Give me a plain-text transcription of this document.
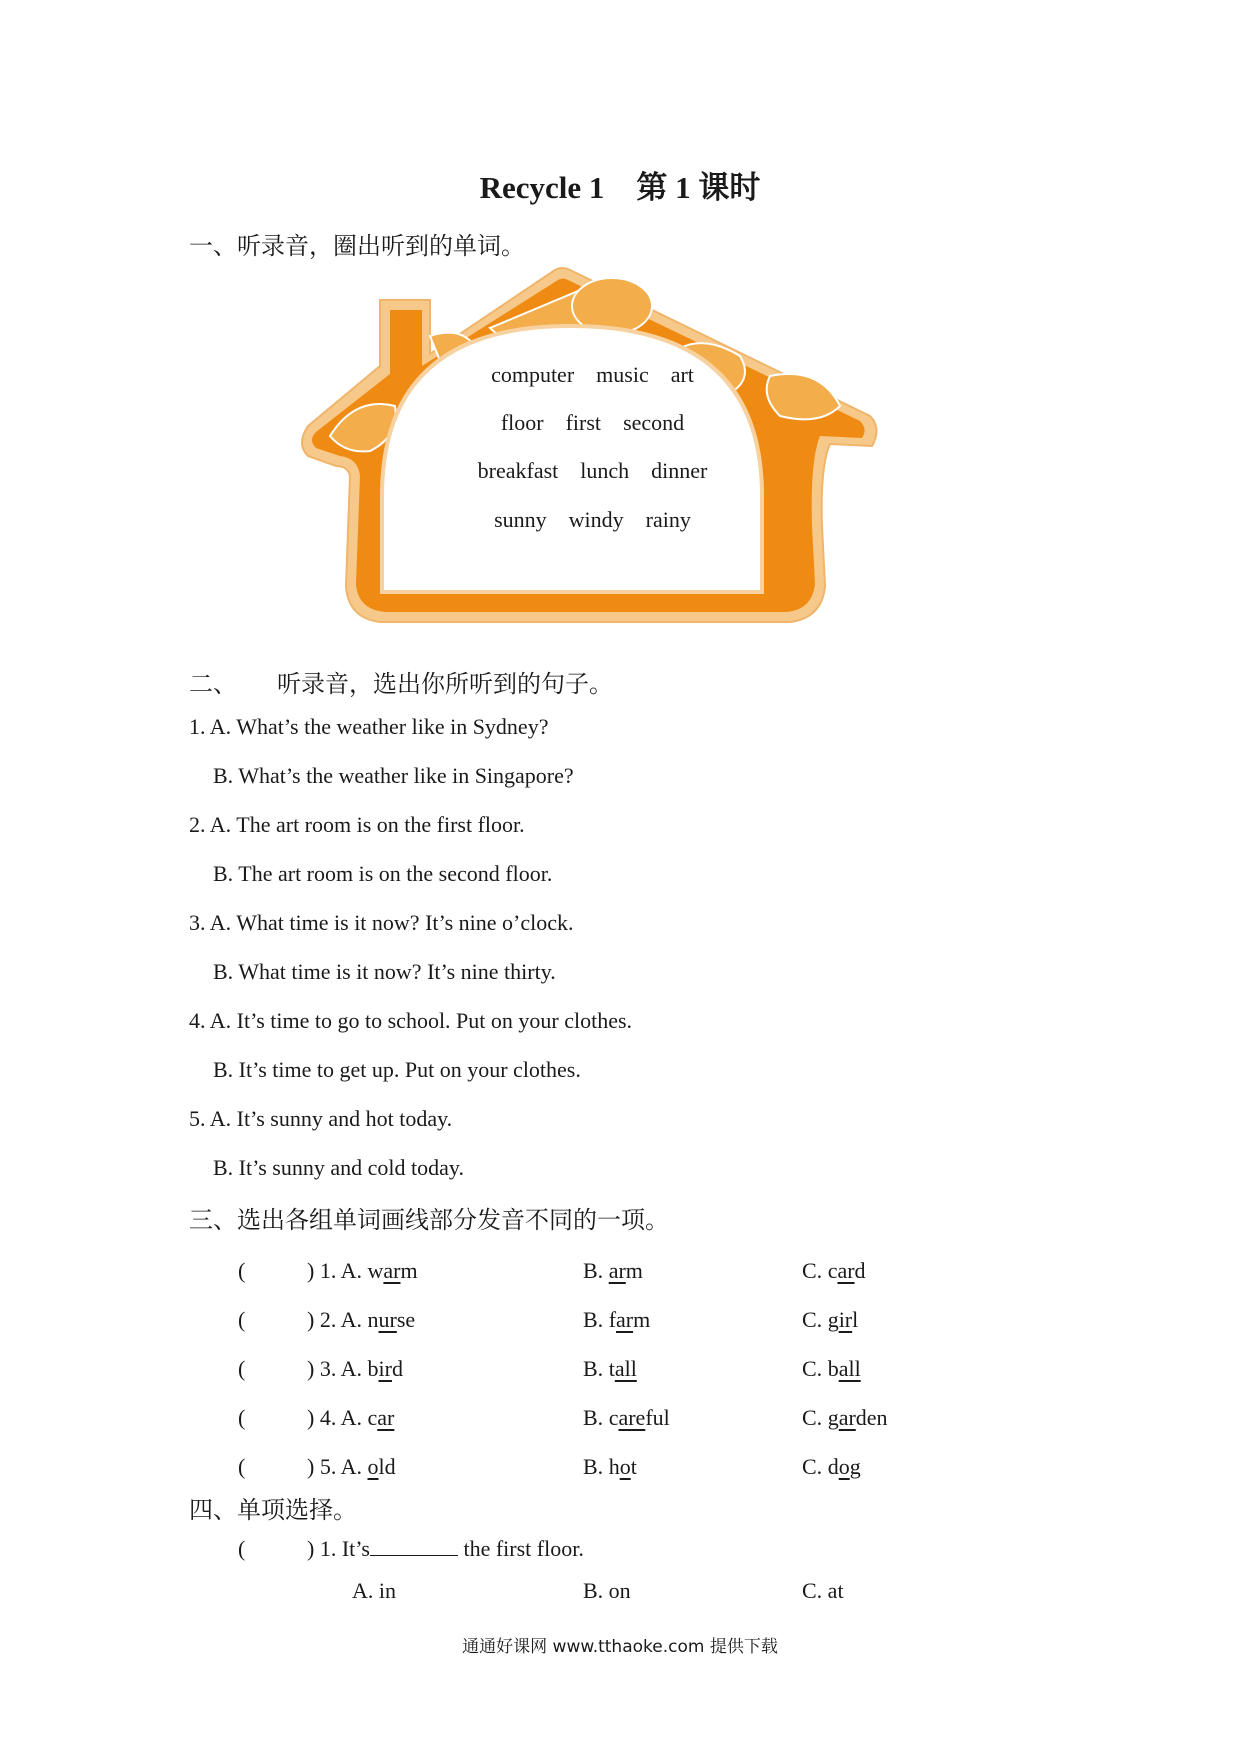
Recycle 1 第 1 课时
一、听录音，圈出听到的单词。
computer music art
floor first second
breakfast lunch dinner
sunny windy rainy
二、 听录音，选出你所听到的句子。
1. A. What’s the weather like in Sydney?
B. What’s the weather like in Singapore?
2. A. The art room is on the first floor.
B. The art room is on the second floor.
3. A. What time is it now? It’s nine o’clock.
B. What time is it now? It’s nine thirty.
4. A. It’s time to go to school. Put on your clothes.
B. It’s time to get up. Put on your clothes.
5. A. It’s sunny and hot today.
B. It’s sunny and cold today.
三、选出各组单词画线部分发音不同的一项。
(	) 1. A. warm	B. arm	C. card
(	) 2. A. nurse	B. farm	C. girl
(	) 3. A. bird	B. tall	C. ball
(	) 4. A. car	B. careful	C. garden
(	) 5. A. old	B. hot	C. dog
四、单项选择。
(	) 1. It’s	the first floor.
A. in	B. on	C. at
通通好课网 www.tthaoke.com 提供下载
